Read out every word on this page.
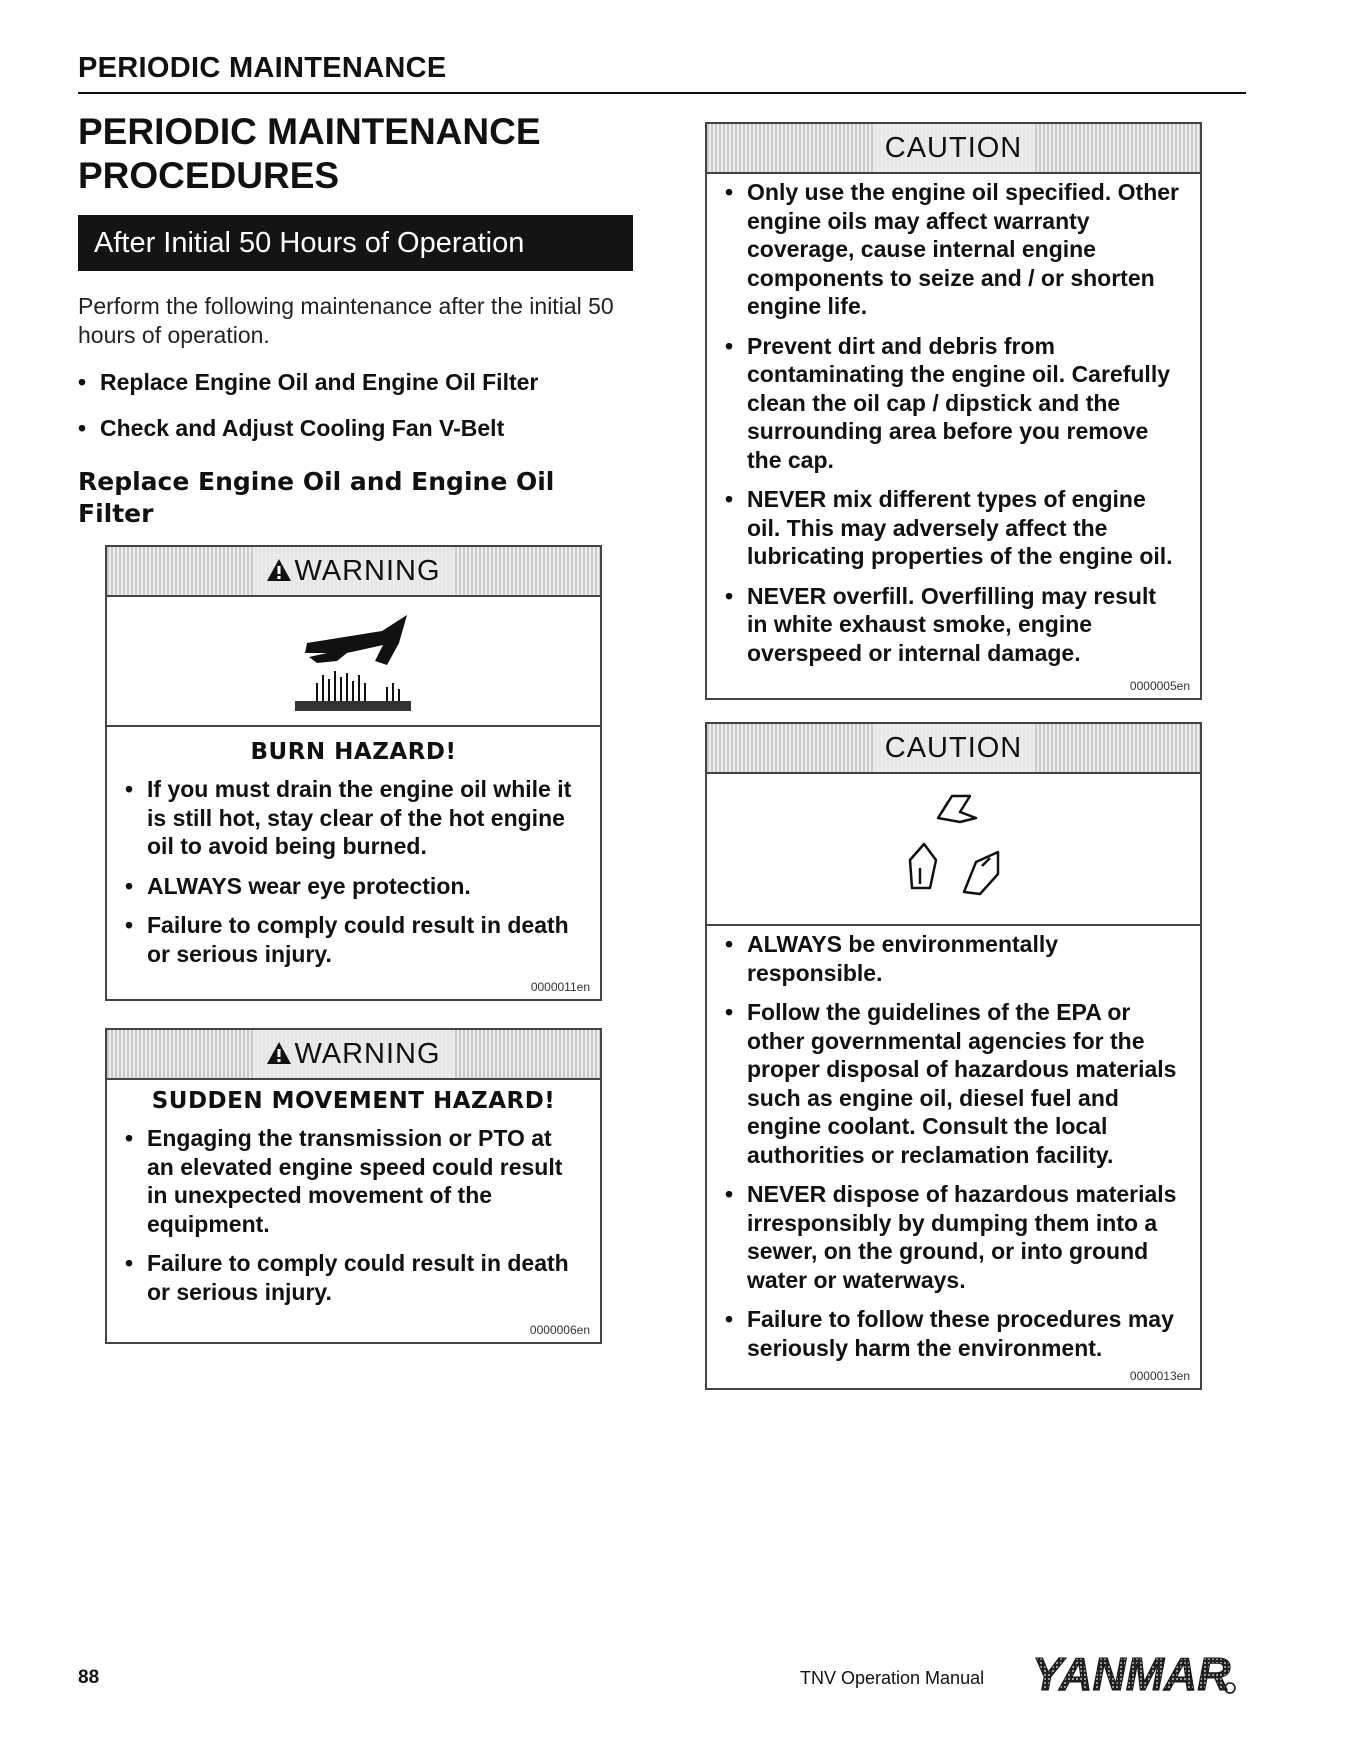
PERIODIC MAINTENANCE
PERIODIC MAINTENANCE PROCEDURES
After Initial 50 Hours of Operation
Perform the following maintenance after the initial 50 hours of operation.
• Replace Engine Oil and Engine Oil Filter
• Check and Adjust Cooling Fan V-Belt
Replace Engine Oil and Engine Oil Filter
WARNING
BURN HAZARD!
• If you must drain the engine oil while it is still hot, stay clear of the hot engine oil to avoid being burned.
• ALWAYS wear eye protection.
• Failure to comply could result in death or serious injury.
0000011en
WARNING
SUDDEN MOVEMENT HAZARD!
• Engaging the transmission or PTO at an elevated engine speed could result in unexpected movement of the equipment.
• Failure to comply could result in death or serious injury.
0000006en
CAUTION
• Only use the engine oil specified. Other engine oils may affect warranty coverage, cause internal engine components to seize and / or shorten engine life.
• Prevent dirt and debris from contaminating the engine oil. Carefully clean the oil cap / dipstick and the surrounding area before you remove the cap.
• NEVER mix different types of engine oil. This may adversely affect the lubricating properties of the engine oil.
• NEVER overfill. Overfilling may result in white exhaust smoke, engine overspeed or internal damage.
0000005en
CAUTION
• ALWAYS be environmentally responsible.
• Follow the guidelines of the EPA or other governmental agencies for the proper disposal of hazardous materials such as engine oil, diesel fuel and engine coolant. Consult the local authorities or reclamation facility.
• NEVER dispose of hazardous materials irresponsibly by dumping them into a sewer, on the ground, or into ground water or waterways.
• Failure to follow these procedures may seriously harm the environment.
0000013en
88	TNV Operation Manual YANMAR
